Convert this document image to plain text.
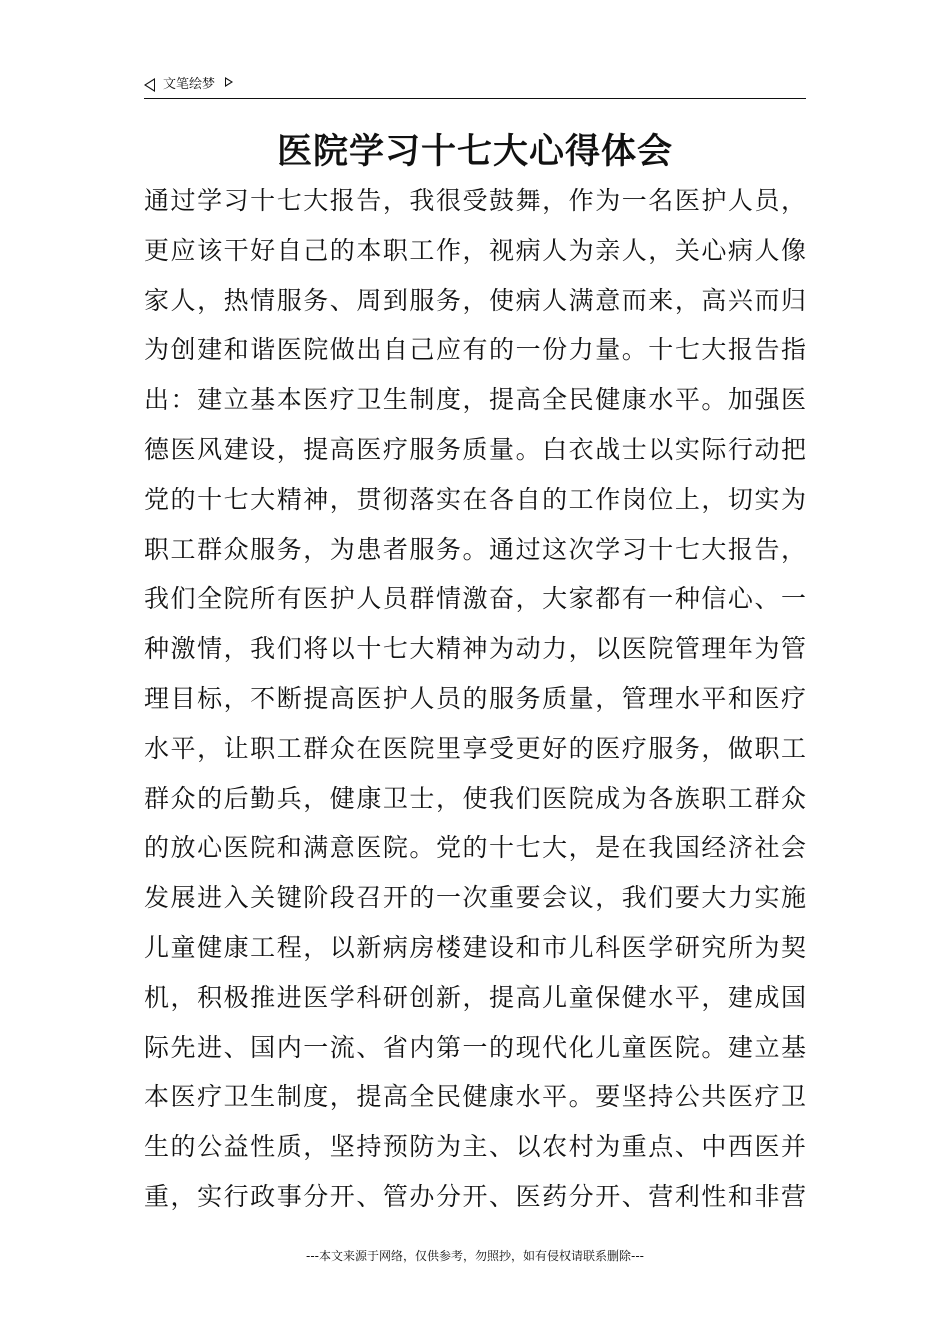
文笔绘梦
医院学习十七大心得体会
通过学习十七大报告，我很受鼓舞，作为一名医护人员，
更应该干好自己的本职工作，视病人为亲人，关心病人像
家人，热情服务、周到服务，使病人满意而来，高兴而归
为创建和谐医院做出自己应有的一份力量。十七大报告指
出：建立基本医疗卫生制度，提高全民健康水平。加强医
德医风建设，提高医疗服务质量。白衣战士以实际行动把
党的十七大精神，贯彻落实在各自的工作岗位上，切实为
职工群众服务，为患者服务。通过这次学习十七大报告，
我们全院所有医护人员群情激奋，大家都有一种信心、一
种激情，我们将以十七大精神为动力，以医院管理年为管
理目标，不断提高医护人员的服务质量，管理水平和医疗
水平，让职工群众在医院里享受更好的医疗服务，做职工
群众的后勤兵，健康卫士，使我们医院成为各族职工群众
的放心医院和满意医院。党的十七大，是在我国经济社会
发展进入关键阶段召开的一次重要会议，我们要大力实施
儿童健康工程，以新病房楼建设和市儿科医学研究所为契
机，积极推进医学科研创新，提高儿童保健水平，建成国
际先进、国内一流、省内第一的现代化儿童医院。建立基
本医疗卫生制度，提高全民健康水平。要坚持公共医疗卫
生的公益性质，坚持预防为主、以农村为重点、中西医并
重，实行政事分开、管办分开、医药分开、营利性和非营
---本文来源于网络，仅供参考，勿照抄，如有侵权请联系删除---
